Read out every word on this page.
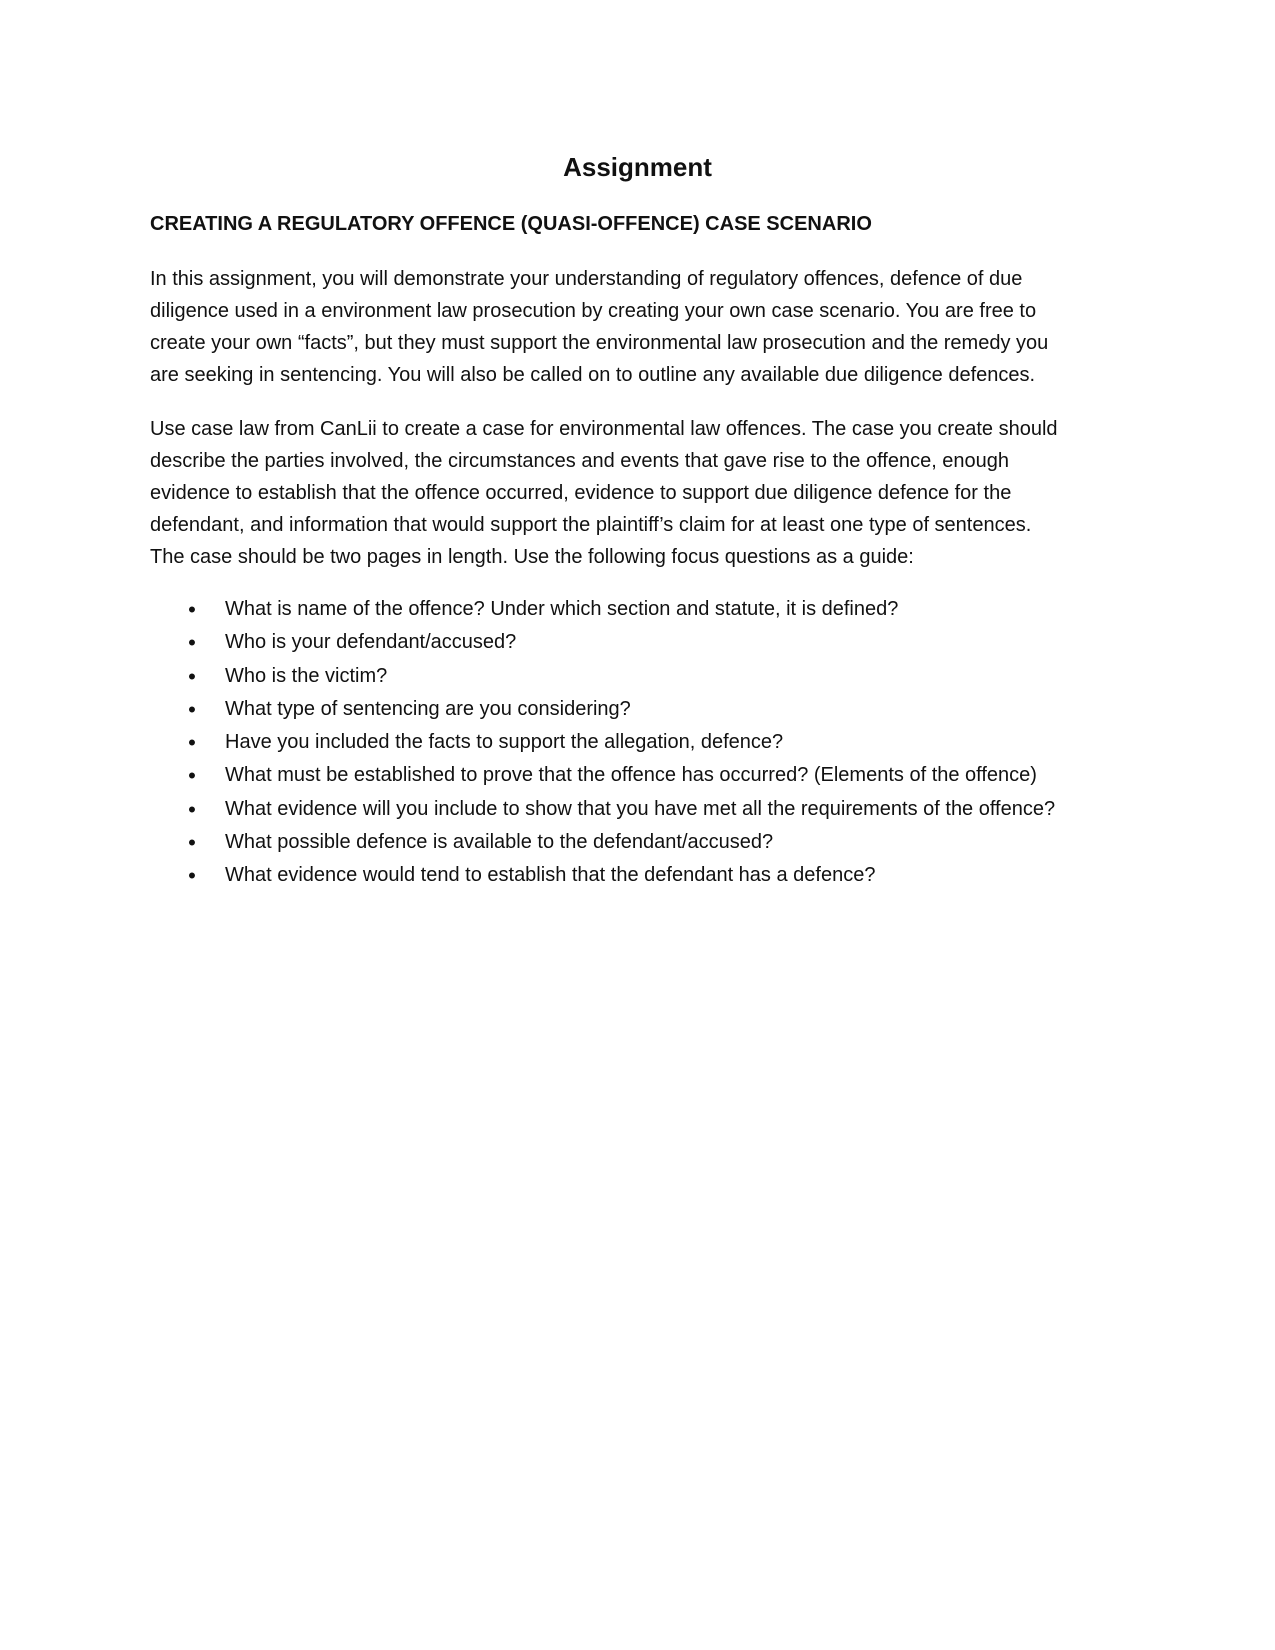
Assignment
CREATING A REGULATORY OFFENCE (QUASI-OFFENCE) CASE SCENARIO
In this assignment, you will demonstrate your understanding of regulatory offences, defence of due
diligence used in a environment law prosecution by creating your own case scenario. You are free to
create your own “facts”, but they must support the environmental law prosecution and the remedy you
are seeking in sentencing. You will also be called on to outline any available due diligence defences.
Use case law from CanLii to create a case for environmental law offences. The case you create should
describe the parties involved, the circumstances and events that gave rise to the offence, enough
evidence to establish that the offence occurred, evidence to support due diligence defence for the
defendant, and information that would support the plaintiff’s claim for at least one type of sentences.
The case should be two pages in length. Use the following focus questions as a guide:
•	What is name of the offence? Under which section and statute, it is defined?
•	Who is your defendant/accused?
•	Who is the victim?
•	What type of sentencing are you considering?
•	Have you included the facts to support the allegation, defence?
•	What must be established to prove that the offence has occurred? (Elements of the offence)
•	What evidence will you include to show that you have met all the requirements of the offence?
•	What possible defence is available to the defendant/accused?
•	What evidence would tend to establish that the defendant has a defence?
